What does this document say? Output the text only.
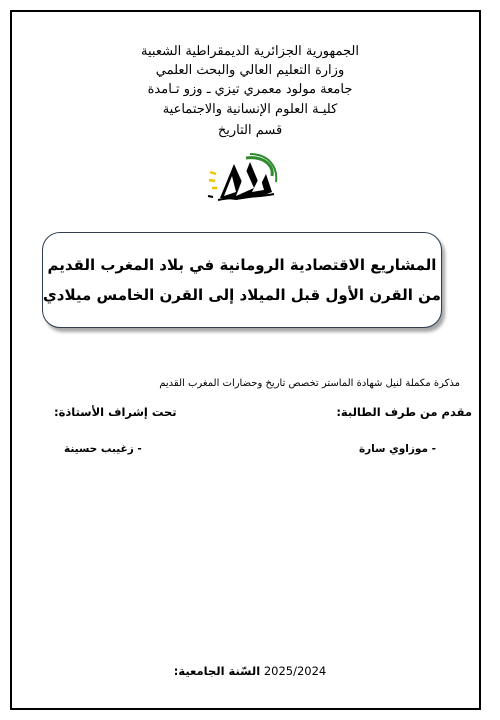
الجمهورية الجزائرية الديمقراطية الشعبية
وزارة التعليم العالي والبحث العلمي
جامعة مولود معمري تيزي ـ وزو تـامدة
كليـة العلوم الإنسانية والاجتماعية
قسم التاريخ
المشاريع الاقتصادية الرومانية في بلاد المغرب القديم
من القرن الأول قبل الميلاد إلى القرن الخامس ميلادي
مذكرة مكملة لنيل شهادة الماستر تخصص تاريخ وحضارات المغرب القديم
مقدم من طرف الطالبة:
تحت إشراف الأستاذة:
- موزاوي سارة
- زغيبب حسينة
السّنة الجامعية: 2025/2024
